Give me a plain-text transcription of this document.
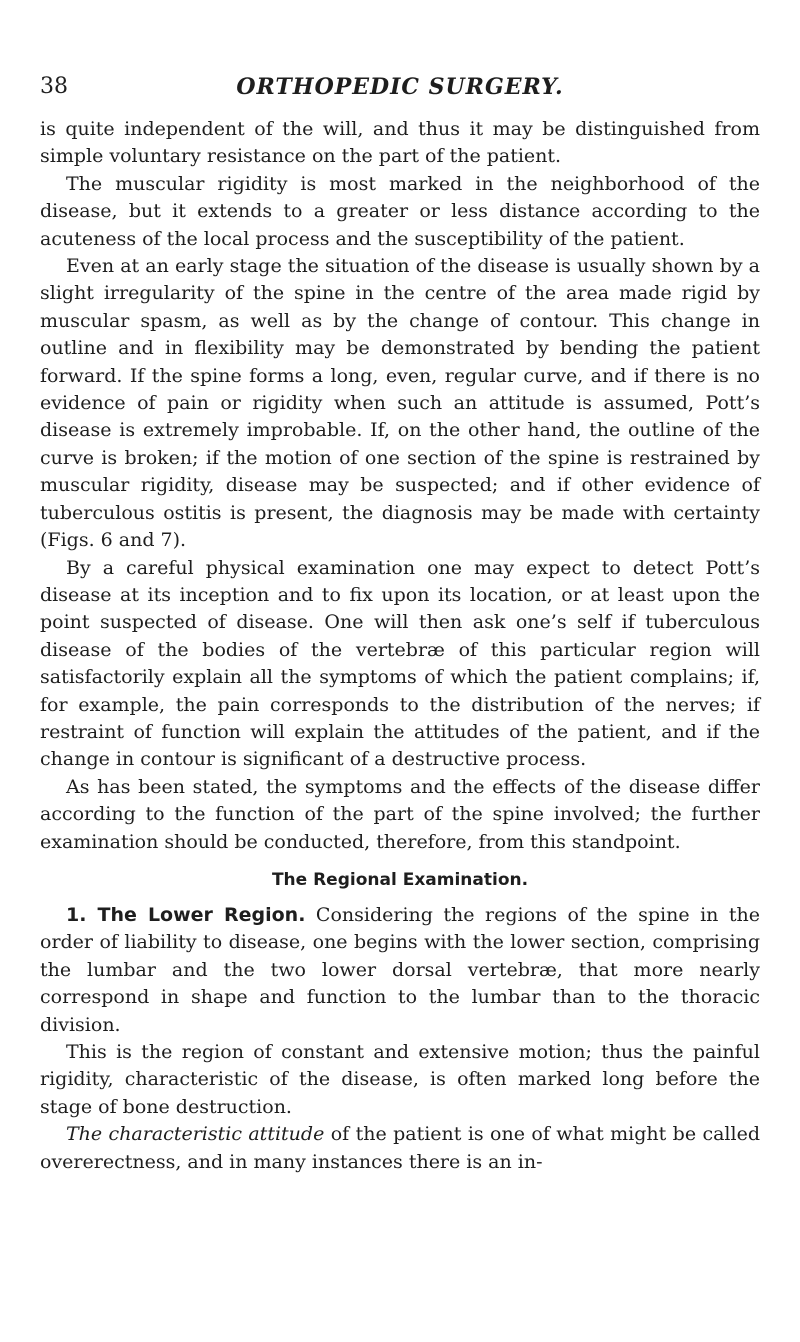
38	ORTHOPEDIC SURGERY.

is quite independent of the will, and thus it may be distinguished from simple voluntary resistance on the part of the patient.

The muscular rigidity is most marked in the neighborhood of the disease, but it extends to a greater or less distance according to the acuteness of the local process and the susceptibility of the patient.

Even at an early stage the situation of the disease is usually shown by a slight irregularity of the spine in the centre of the area made rigid by muscular spasm, as well as by the change of contour. This change in outline and in flexibility may be demonstrated by bending the patient forward. If the spine forms a long, even, regular curve, and if there is no evidence of pain or rigidity when such an attitude is assumed, Pott’s disease is extremely improbable. If, on the other hand, the outline of the curve is broken; if the motion of one section of the spine is restrained by muscular rigidity, disease may be suspected; and if other evidence of tuberculous ostitis is present, the diagnosis may be made with certainty (Figs. 6 and 7).

By a careful physical examination one may expect to detect Pott’s disease at its inception and to fix upon its location, or at least upon the point suspected of disease. One will then ask one’s self if tuberculous disease of the bodies of the vertebræ of this particular region will satisfactorily explain all the symptoms of which the patient complains; if, for example, the pain corresponds to the distribution of the nerves; if restraint of function will explain the attitudes of the patient, and if the change in contour is significant of a destructive process.

As has been stated, the symptoms and the effects of the disease differ according to the function of the part of the spine involved; the further examination should be conducted, therefore, from this standpoint.

The Regional Examination.

1. The Lower Region. Considering the regions of the spine in the order of liability to disease, one begins with the lower section, comprising the lumbar and the two lower dorsal vertebræ, that more nearly correspond in shape and function to the lumbar than to the thoracic division.

This is the region of constant and extensive motion; thus the painful rigidity, characteristic of the disease, is often marked long before the stage of bone destruction.

The characteristic attitude of the patient is one of what might be called overerectness, and in many instances there is an in-
